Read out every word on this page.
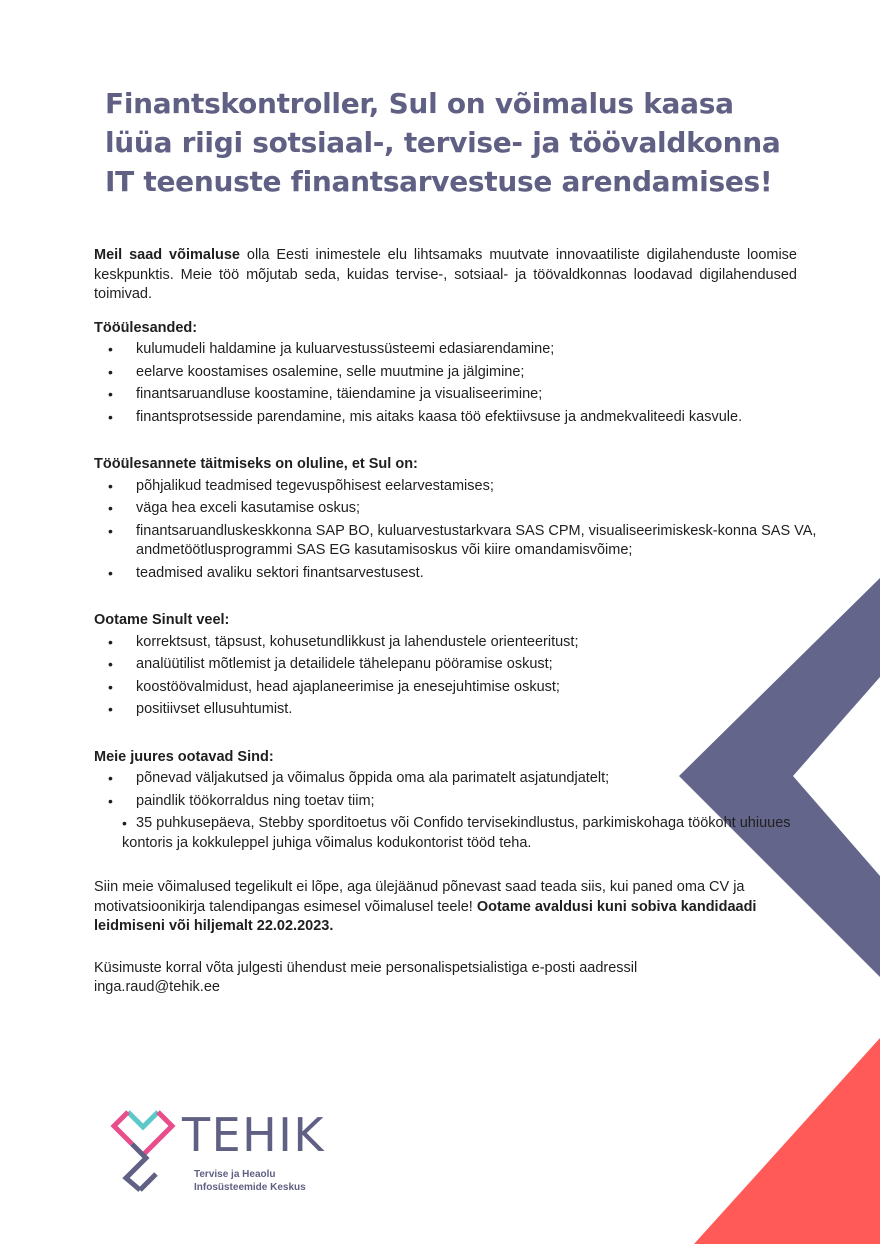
Finantskontroller, Sul on võimalus kaasa lüüa riigi sotsiaal-, tervise- ja töövaldkonna IT teenuste finantsarvestuse arendamises!

Meil saad võimaluse olla Eesti inimestele elu lihtsamaks muutvate innovaatiliste digilahenduste loomise keskpunktis. Meie töö mõjutab seda, kuidas tervise-, sotsiaal- ja töövaldkonnas loodavad digilahendused toimivad.

Tööülesanded:

• kulumudeli haldamine ja kuluarvestussüsteemi edasiarendamine;
• eelarve koostamises osalemine, selle muutmine ja jälgimine;
• finantsaruandluse koostamine, täiendamine ja visualiseerimine;
• finantsprotsesside parendamine, mis aitaks kaasa töö efektiivsuse ja andmekvaliteedi kasvule.

Tööülesannete täitmiseks on oluline, et Sul on:

• põhjalikud teadmised tegevuspõhisest eelarvestamises;
• väga hea exceli kasutamise oskus;
• finantsaruandluskeskkonna SAP BO, kuluarvestustarkvara SAS CPM, visualiseerimiskesk-konna SAS VA, andmetöötlusprogrammi SAS EG kasutamisoskus või kiire omandamisvõime;
• teadmised avaliku sektori finantsarvestusest.

Ootame Sinult veel:

• korrektsust, täpsust, kohusetundlikkust ja lahendustele orienteeritust;
• analüütilist mõtlemist ja detailidele tähelepanu pööramise oskust;
• koostöövalmidust, head ajaplaneerimise ja enesejuhtimise oskust;
• positiivset ellusuhtumist.

Meie juures ootavad Sind:

• põnevad väljakutsed ja võimalus õppida oma ala parimatelt asjatundjatelt;
• paindlik töökorraldus ning toetav tiim;
• 35 puhkusepäeva, Stebby sporditoetus või Confido tervisekindlustus, parkimiskohaga töökoht uhiuues kontoris ja kokkuleppel juhiga võimalus kodukontorist tööd teha.

Siin meie võimalused tegelikult ei lõpe, aga ülejäänud põnevast saad teada siis, kui paned oma CV ja motivatsioonikirja talendipangas esimesel võimalusel teele! Ootame avaldusi kuni sobiva kandidaadi leidmiseni või hiljemalt 22.02.2023.

Küsimuste korral võta julgesti ühendust meie personalispetsialistiga e-posti aadressil
inga.raud@tehik.ee

TEHIK

Tervise ja Heaolu
Infosüsteemide Keskus
